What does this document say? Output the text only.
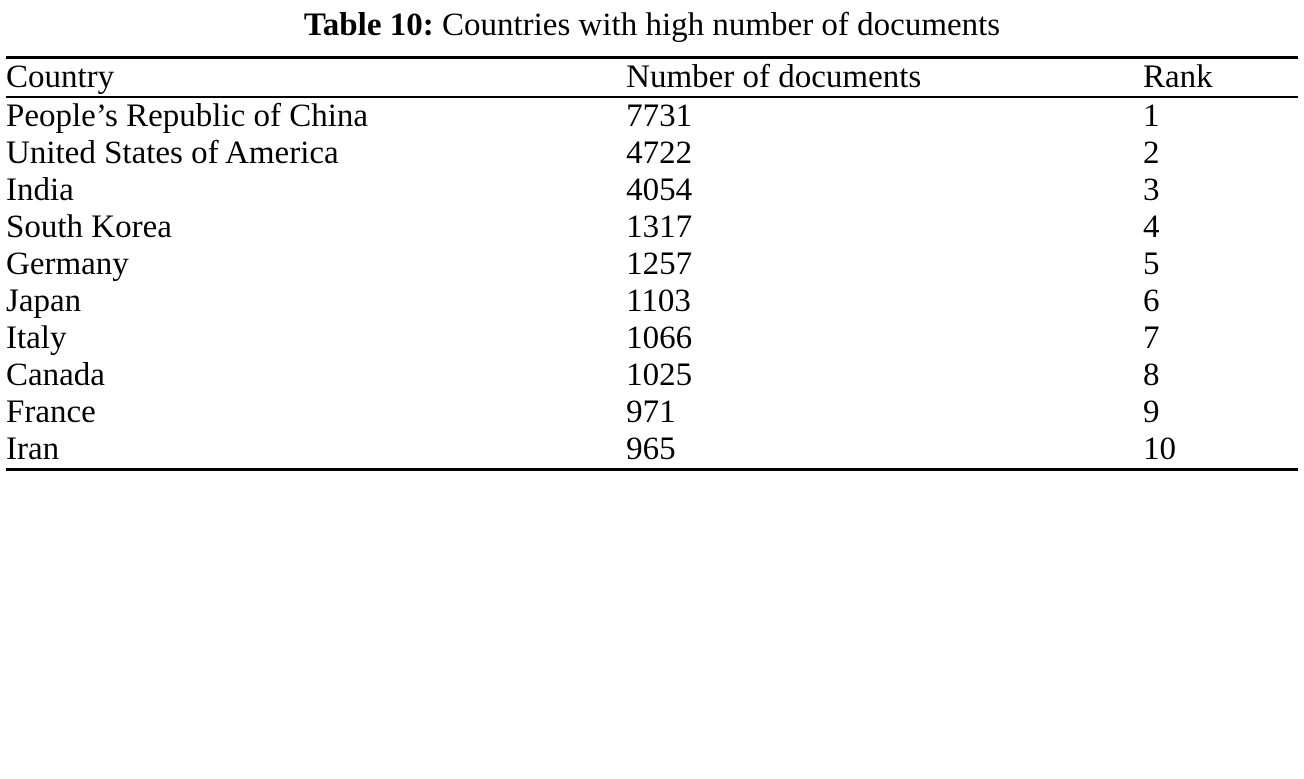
Table 10: Countries with high number of documents

Country	Number of documents	Rank

People’s Republic of China	7731	1
United States of America	4722	2
India	4054	3
South Korea	1317	4
Germany	1257	5
Japan	1103	6
Italy	1066	7
Canada	1025	8
France	971	9
Iran	965	10
